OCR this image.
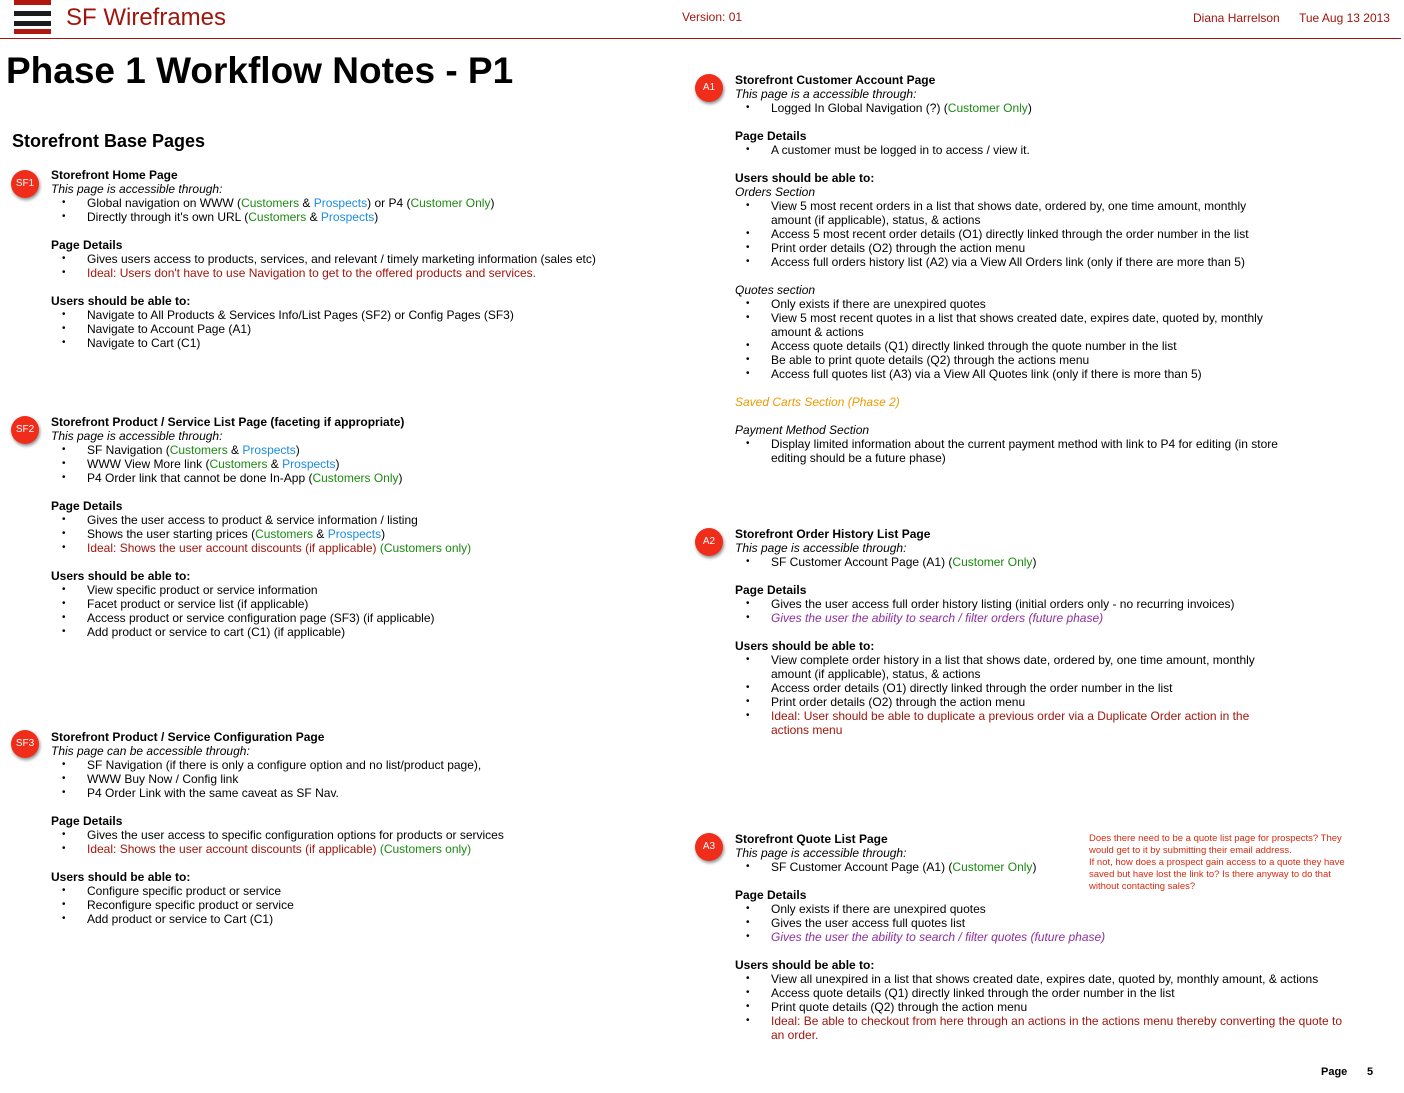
SF Wireframes	Version: 01	Diana Harrelson Tue Aug 13 2013
Phase 1 Workflow Notes - P1
Storefront Base Pages
SF1
Storefront Home Page
This page is accessible through:
• Global navigation on WWW (Customers & Prospects) or P4 (Customer Only)
• Directly through it's own URL (Customers & Prospects)
Page Details
• Gives users access to products, services, and relevant / timely marketing information (sales etc)
• Ideal: Users don't have to use Navigation to get to the offered products and services.
Users should be able to:
• Navigate to All Products & Services Info/List Pages (SF2) or Config Pages (SF3)
• Navigate to Account Page (A1)
• Navigate to Cart (C1)
SF2
Storefront Product / Service List Page (faceting if appropriate)
This page is accessible through:
• SF Navigation (Customers & Prospects)
• WWW View More link (Customers & Prospects)
• P4 Order link that cannot be done In-App (Customers Only)
Page Details
• Gives the user access to product & service information / listing
• Shows the user starting prices (Customers & Prospects)
• Ideal: Shows the user account discounts (if applicable) (Customers only)
Users should be able to:
• View specific product or service information
• Facet product or service list (if applicable)
• Access product or service configuration page (SF3) (if applicable)
• Add product or service to cart (C1) (if applicable)
SF3	Storefront Product / Service Configuration Page
This page can be accessible through:
• SF Navigation (if there is only a configure option and no list/product page),
• WWW Buy Now / Config link
• P4 Order Link with the same caveat as SF Nav.
Page Details
• Gives the user access to specific configuration options for products or services
• Ideal: Shows the user account discounts (if applicable) (Customers only)
Users should be able to:
• Configure specific product or service
• Reconfigure specific product or service
• Add product or service to Cart (C1)
A1
Storefront Customer Account Page
This page is a accessible through:
• Logged In Global Navigation (?) (Customer Only)
Page Details
• A customer must be logged in to access / view it.
Users should be able to:
Orders Section
• View 5 most recent orders in a list that shows date, ordered by, one time amount, monthly
amount (if applicable), status, & actions
• Access 5 most recent order details (O1) directly linked through the order number in the list
• Print order details (O2) through the action menu
• Access full orders history list (A2) via a View All Orders link (only if there are more than 5)
Quotes section
• Only exists if there are unexpired quotes
• View 5 most recent quotes in a list that shows created date, expires date, quoted by, monthly
amount & actions
• Access quote details (Q1) directly linked through the quote number in the list
• Be able to print quote details (Q2) through the actions menu
• Access full quotes list (A3) via a View All Quotes link (only if there is more than 5)
Saved Carts Section (Phase 2)
Payment Method Section
• Display limited information about the current payment method with link to P4 for editing (in store
editing should be a future phase)
A2
Storefront Order History List Page
This page is accessible through:
• SF Customer Account Page (A1) (Customer Only)
Page Details
• Gives the user access full order history listing (initial orders only - no recurring invoices)
• Gives the user the ability to search / filter orders (future phase)
Users should be able to:
• View complete order history in a list that shows date, ordered by, one time amount, monthly
amount (if applicable), status, & actions
• Access order details (O1) directly linked through the order number in the list
• Print order details (O2) through the action menu
• Ideal: User should be able to duplicate a previous order via a Duplicate Order action in the
actions menu
A3
Storefront Quote List Page
This page is accessible through:
• SF Customer Account Page (A1) (Customer Only)
Page Details
• Only exists if there are unexpired quotes
• Gives the user access full quotes list
• Gives the user the ability to search / filter quotes (future phase)
Users should be able to:
• View all unexpired in a list that shows created date, expires date, quoted by, monthly amount, & actions
• Access quote details (Q1) directly linked through the order number in the list
• Print quote details (Q2) through the action menu
• Ideal: Be able to checkout from here through an actions in the actions menu thereby converting the quote to
an order.
Does there need to be a quote list page for prospects? They
would get to it by submitting their email address.
If not, how does a prospect gain access to a quote they have
saved but have lost the link to? Is there anyway to do that
without contacting sales?
Page 5
